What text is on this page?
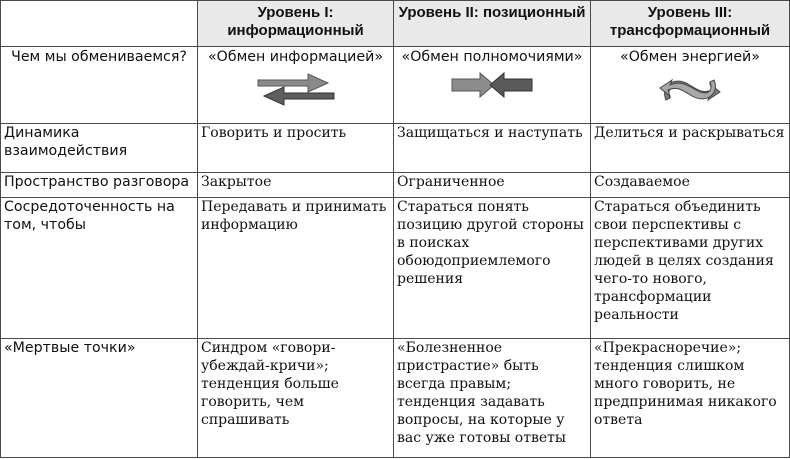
	Уровень I: информационный	Уровень II: позиционный	Уровень III: трансформационный

Чем мы обмениваемся?	«Обмен информацией»	«Обмен полномочиями»	«Обмен энергией»

Динамика взаимодействия	Говорить и просить	Защищаться и наступать	Делиться и раскрываться
Пространство разговора	Закрытое	Ограниченное	Создаваемое
Сосредоточенность на том, чтобы	Передавать и принимать информацию	Стараться понять позицию другой стороны в поисках обоюдоприемлемого решения	Стараться объединить свои перспективы с перспективами других людей в целях создания чего-то нового, трансформации реальности
«Мертвые точки»	Синдром «говори-убеждай-кричи»; тенденция больше говорить, чем спрашивать	«Болезненное пристрастие» быть всегда правым; тенденция задавать вопросы, на которые у вас уже готовы ответы	«Прекраснoречие»; тенденция слишком много говорить, не предпринимая никакого ответа
